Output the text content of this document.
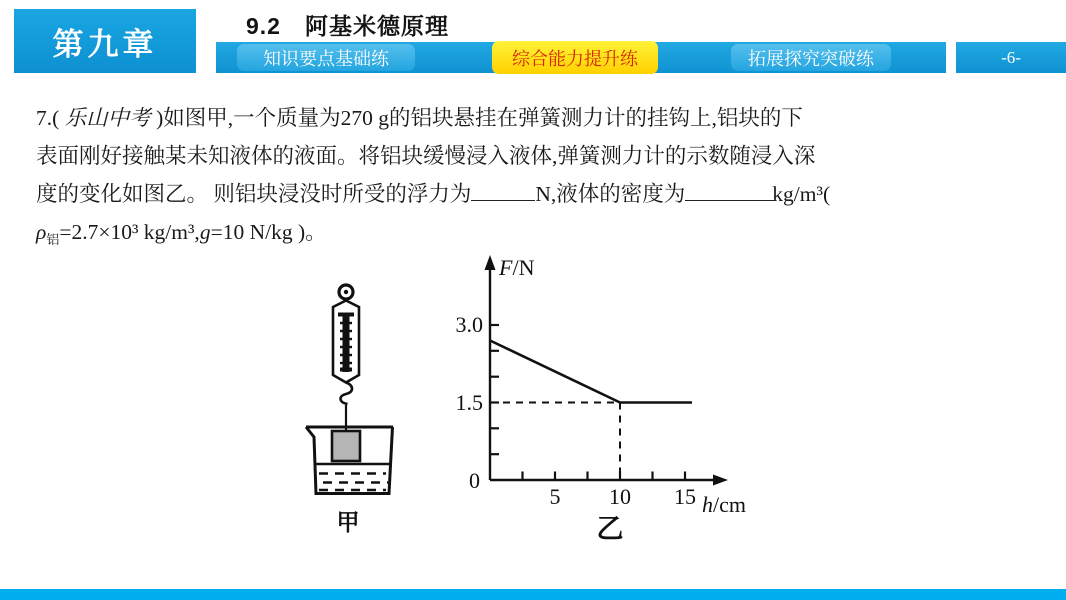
第九章
9.2　阿基米德原理
知识要点基础练	综合能力提升练	拓展探究突破练	-6-
7.( 乐山中考 )如图甲,一个质量为270 g的铝块悬挂在弹簧测力计的挂钩上,铝块的下
表面刚好接触某未知液体的液面。将铝块缓慢浸入液体,弹簧测力计的示数随浸入深
度的变化如图乙。 则铝块浸没时所受的浮力为	N,液体的密度为	kg/m³(
$\rho_铝=2.7\times 10^3$ kg/m³,g=10 N/kg )。
甲
3.0
1.5
0
5 10 15
F/N
h/cm
乙
